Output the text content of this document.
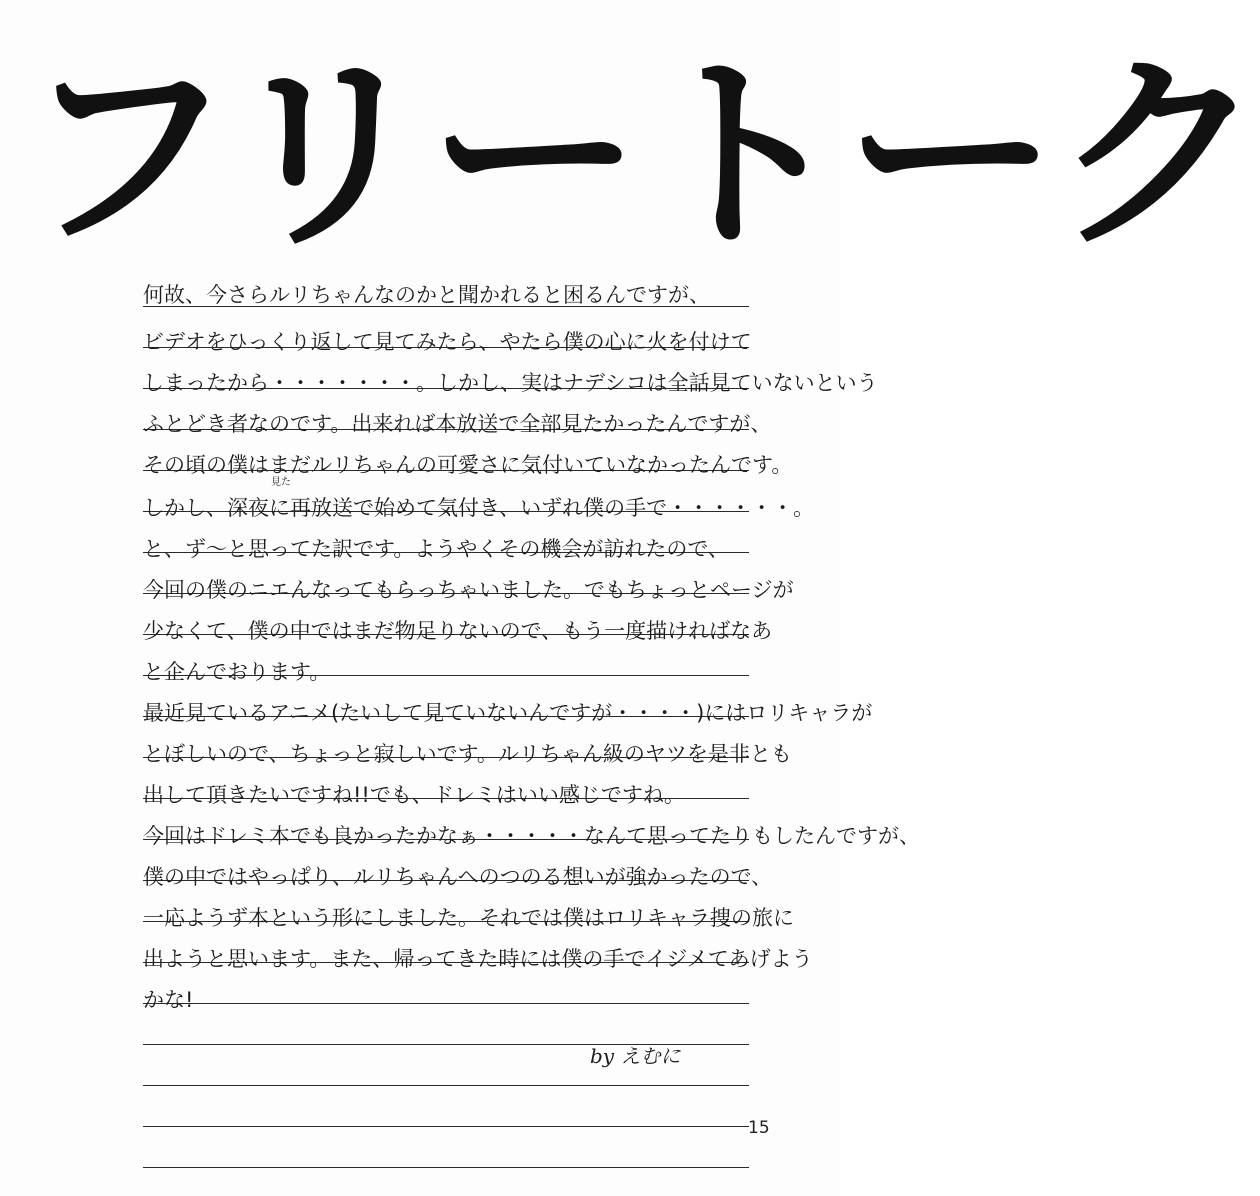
フリートーク
何故、今さらルリちゃんなのかと聞かれると困るんですが、
ビデオをひっくり返して見てみたら、やたら僕の心に火を付けて
しまったから・・・・・・・。しかし、実はナデシコは全話見ていないという
ふとどき者なのです。出来れば本放送で全部見たかったんですが、
その頃の僕はまだルリちゃんの可愛さに気付いていなかったんです。
しかし、深夜に再放送で始めて気付き、いずれ僕の手で・・・・・・。
見た
と、ず～と思ってた訳です。ようやくその機会が訪れたので、
今回の僕のニエんなってもらっちゃいました。でもちょっとページが
少なくて、僕の中ではまだ物足りないので、もう一度描ければなあ
と企んでおります。
最近見ているアニメ(たいして見ていないんですが・・・・)にはロリキャラが
とぼしいので、ちょっと寂しいです。ルリちゃん級のヤツを是非とも
出して頂きたいですね!!でも、ドレミはいい感じですね。
今回はドレミ本でも良かったかなぁ・・・・・なんて思ってたりもしたんですが、
僕の中ではやっぱり、ルリちゃんへのつのる想いが強かったので、
一応ようず本という形にしました。それでは僕はロリキャラ捜の旅に
出ようと思います。また、帰ってきた時には僕の手でイジメてあげよう
かな!
by えむに
15
